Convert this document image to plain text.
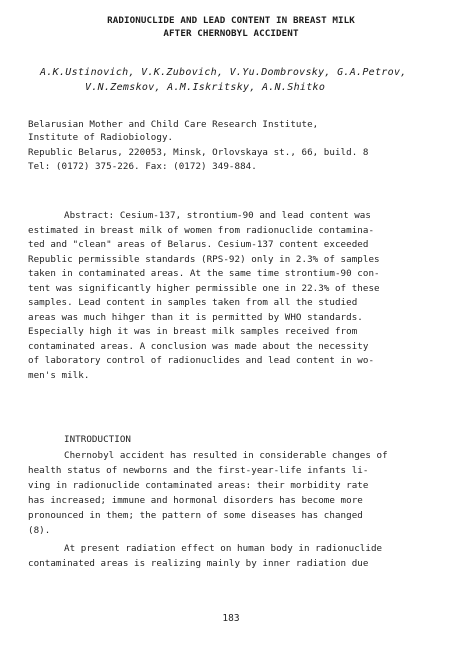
RADIONUCLIDE AND LEAD CONTENT IN BREAST MILK
AFTER CHERNOBYL ACCIDENT
A.K.Ustinovich, V.K.Zubovich, V.Yu.Dombrovsky, G.A.Petrov,
V.N.Zemskov, A.M.Iskritsky, A.N.Shitko
Belarusian Mother and Child Care Research Institute,
Institute of Radiobiology.
Republic Belarus, 220053, Minsk, Orlovskaya st., 66, build. 8
Tel: (0172) 375-226. Fax: (0172) 349-884.
Abstract: Cesium-137, strontium-90 and lead content was
estimated in breast milk of women from radionuclide contamina-
ted and "clean" areas of Belarus. Cesium-137 content exceeded
Republic permissible standards (RPS-92) only in 2.3% of samples
taken in contaminated areas. At the same time strontium-90 con-
tent was significantly higher permissible one in 22.3% of these
samples. Lead content in samples taken from all the studied
areas was much hihger than it is permitted by WHO standards.
Especially high it was in breast milk samples received from
contaminated areas. A conclusion was made about the necessity
of laboratory control of radionuclides and lead content in wo-
men's milk.
INTRODUCTION
Chernobyl accident has resulted in considerable changes of
health status of newborns and the first-year-life infants li-
ving in radionuclide contaminated areas: their morbidity rate
has increased; immune and hormonal disorders has become more
pronounced in them; the pattern of some diseases has changed
(8).
At present radiation effect on human body in radionuclide
contaminated areas is realizing mainly by inner radiation due
183
